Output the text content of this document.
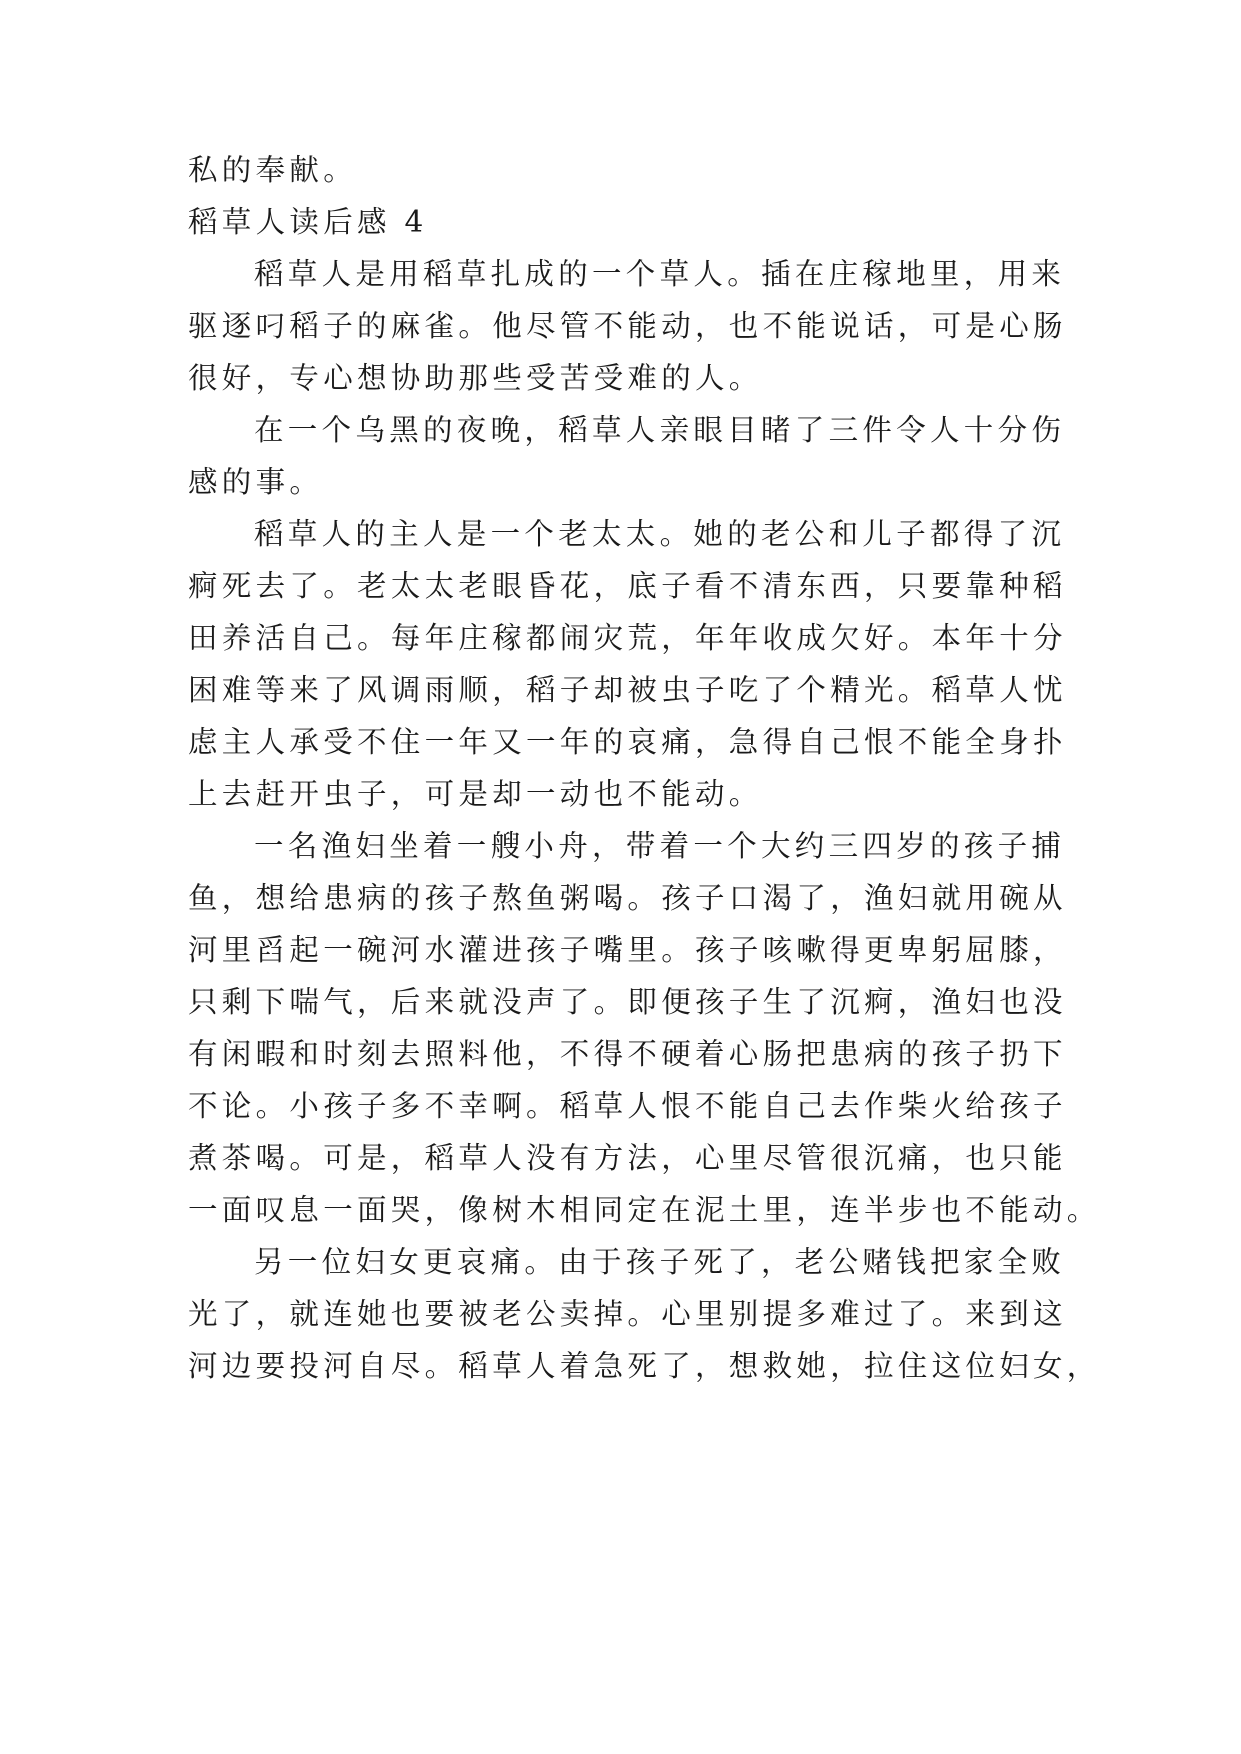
私的奉献。
稻草人读后感 4
稻草人是用稻草扎成的一个草人。插在庄稼地里，用来
驱逐叼稻子的麻雀。他尽管不能动，也不能说话，可是心肠
很好，专心想协助那些受苦受难的人。
在一个乌黑的夜晚，稻草人亲眼目睹了三件令人十分伤
感的事。
稻草人的主人是一个老太太。她的老公和儿子都得了沉
痾死去了。老太太老眼昏花，底子看不清东西，只要靠种稻
田养活自己。每年庄稼都闹灾荒，年年收成欠好。本年十分
困难等来了风调雨顺，稻子却被虫子吃了个精光。稻草人忧
虑主人承受不住一年又一年的哀痛，急得自己恨不能全身扑
上去赶开虫子，可是却一动也不能动。
一名渔妇坐着一艘小舟，带着一个大约三四岁的孩子捕
鱼，想给患病的孩子熬鱼粥喝。孩子口渴了，渔妇就用碗从
河里舀起一碗河水灌进孩子嘴里。孩子咳嗽得更卑躬屈膝，
只剩下喘气，后来就没声了。即便孩子生了沉痾，渔妇也没
有闲暇和时刻去照料他，不得不硬着心肠把患病的孩子扔下
不论。小孩子多不幸啊。稻草人恨不能自己去作柴火给孩子
煮茶喝。可是，稻草人没有方法，心里尽管很沉痛，也只能
一面叹息一面哭，像树木相同定在泥土里，连半步也不能动。
另一位妇女更哀痛。由于孩子死了，老公赌钱把家全败
光了，就连她也要被老公卖掉。心里别提多难过了。来到这
河边要投河自尽。稻草人着急死了，想救她，拉住这位妇女，
